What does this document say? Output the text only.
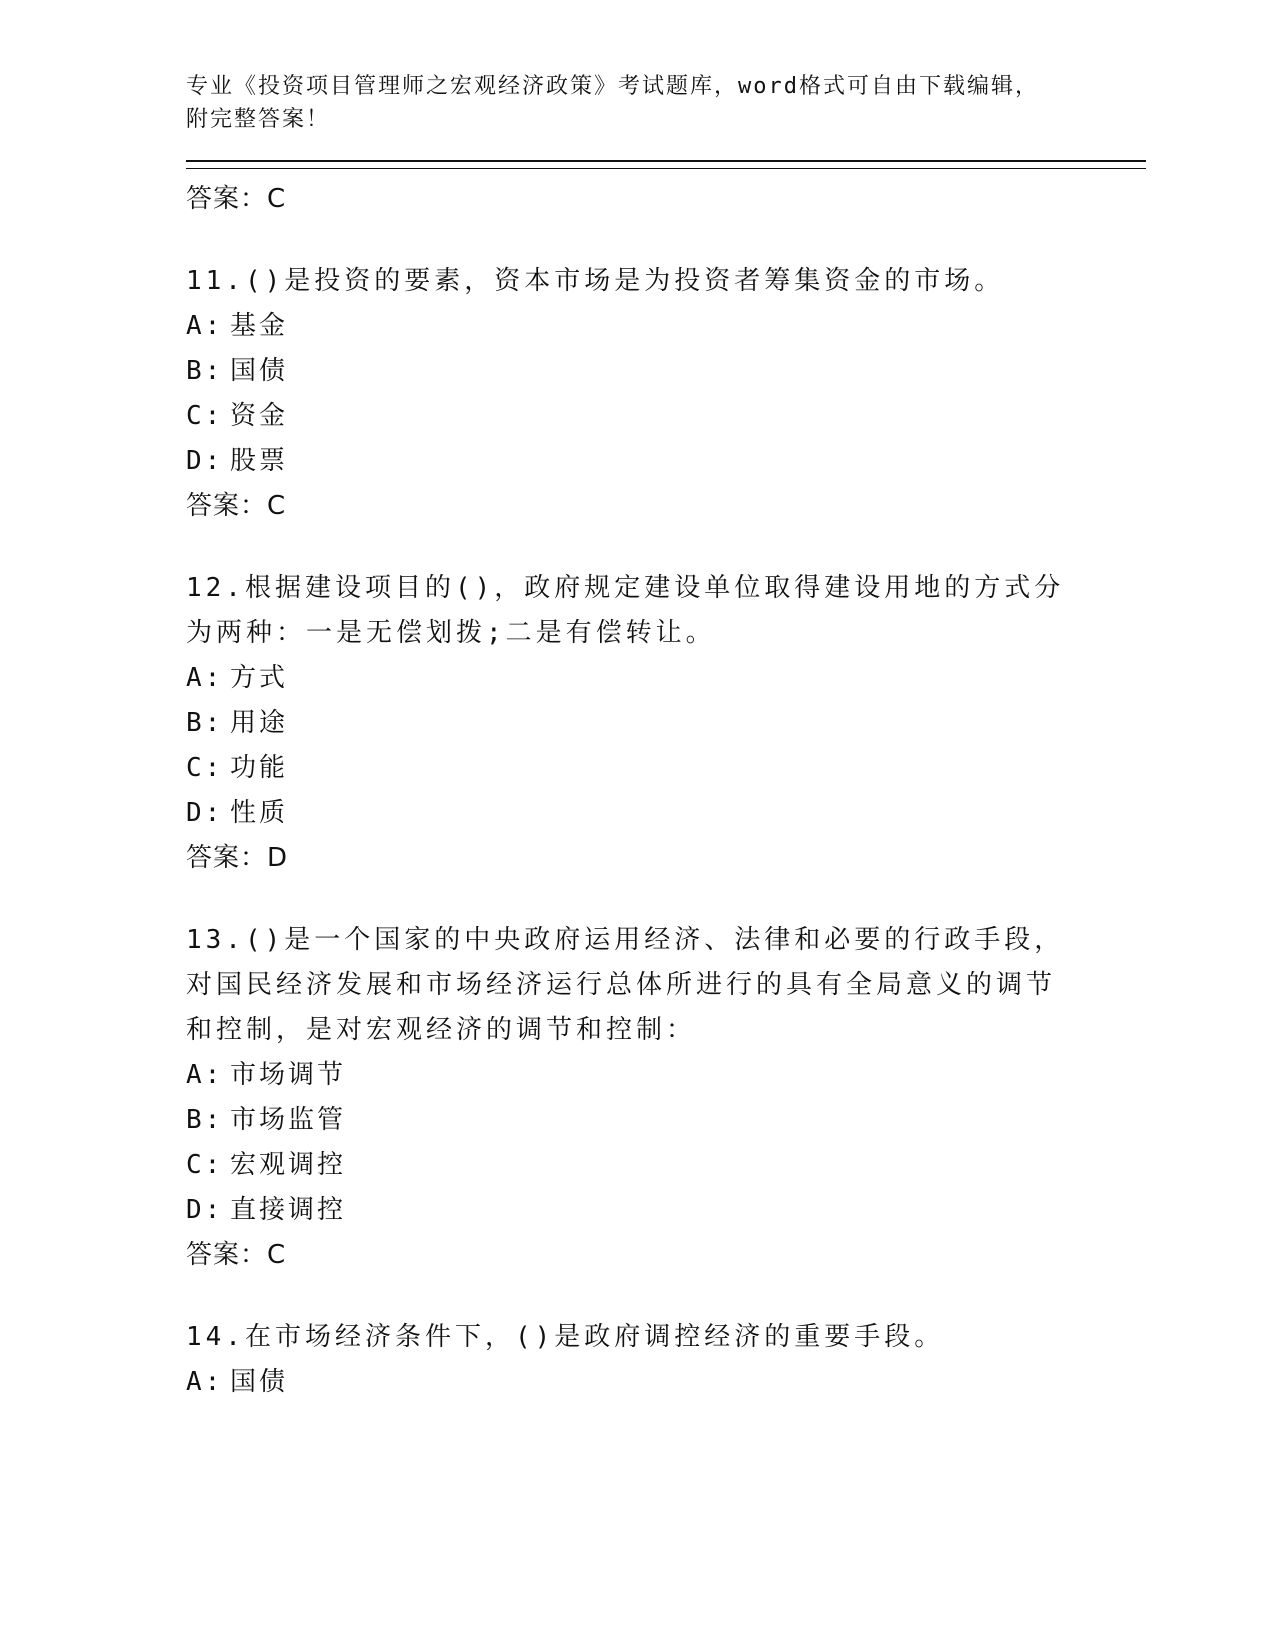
专业《投资项目管理师之宏观经济政策》考试题库，word格式可自由下载编辑，
附完整答案！

答案：C

11.()是投资的要素，资本市场是为投资者筹集资金的市场。

A: 基金

B: 国债

C: 资金

D: 股票

答案：C

12.根据建设项目的()，政府规定建设单位取得建设用地的方式分为两种：一是无偿划拨;二是有偿转让。

A: 方式

B: 用途

C: 功能

D: 性质

答案：D

13.()是一个国家的中央政府运用经济、法律和必要的行政手段，对国民经济发展和市场经济运行总体所进行的具有全局意义的调节和控制，是对宏观经济的调节和控制：

A: 市场调节

B: 市场监管

C: 宏观调控

D: 直接调控

答案：C

14.在市场经济条件下，()是政府调控经济的重要手段。

A: 国债
